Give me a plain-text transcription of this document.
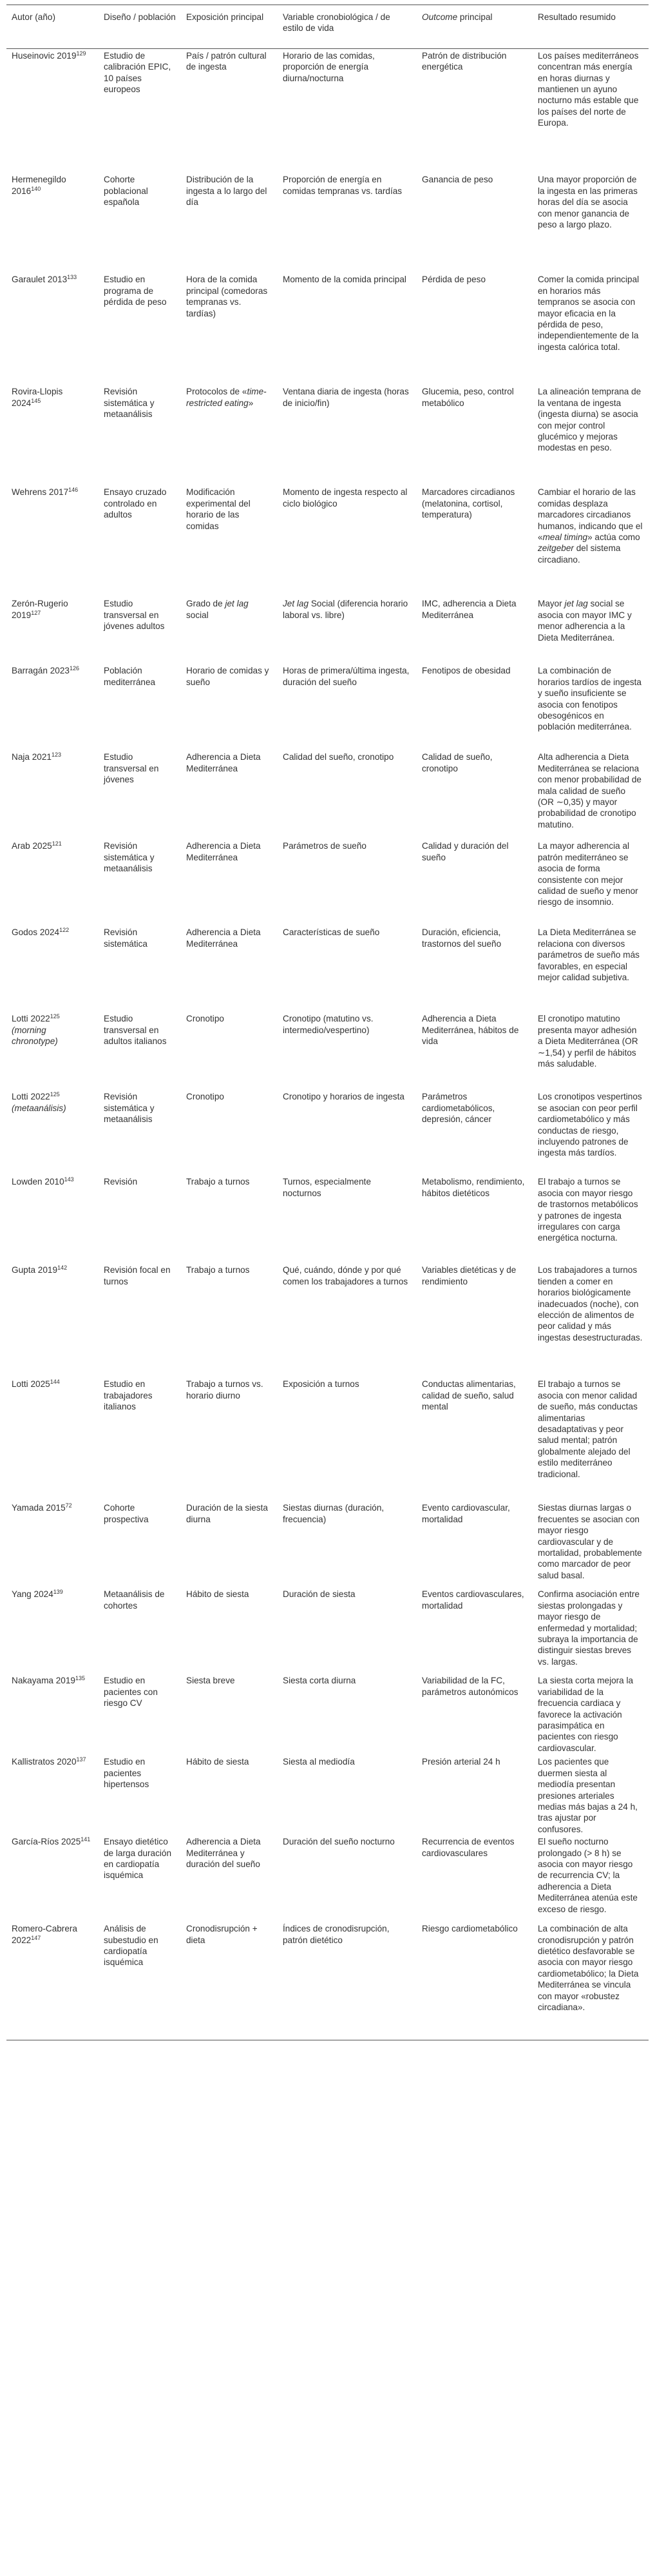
Autor (año)	Diseño / población	Exposición principal	Variable cronobiológica / de estilo de vida	Outcome principal	Resultado resumido
Huseinovic 2019$^{129}$	Estudio de calibración EPIC, 10 países europeos	País / patrón cultural de ingesta	Horario de las comidas, proporción de energía diurna/nocturna	Patrón de distribución energética	Los países mediterráneos concentran más energía en horas diurnas y mantienen un ayuno nocturno más estable que los países del norte de Europa.
Hermenegildo 2016$^{140}$	Cohorte poblacional española	Distribución de la ingesta a lo largo del día	Proporción de energía en comidas tempranas vs. tardías	Ganancia de peso	Una mayor proporción de la ingesta en las primeras horas del día se asocia con menor ganancia de peso a largo plazo.
Garaulet 2013$^{133}$	Estudio en programa de pérdida de peso	Hora de la comida principal (comedoras tempranas vs. tardías)	Momento de la comida principal	Pérdida de peso	Comer la comida principal en horarios más tempranos se asocia con mayor eficacia en la pérdida de peso, independientemente de la ingesta calórica total.
Rovira-Llopis 2024$^{145}$	Revisión sistemática y metaanálisis	Protocolos de «time-restricted eating»	Ventana diaria de ingesta (horas de inicio/fin)	Glucemia, peso, control metabólico	La alineación temprana de la ventana de ingesta (ingesta diurna) se asocia con mejor control glucémico y mejoras modestas en peso.
Wehrens 2017$^{146}$	Ensayo cruzado controlado en adultos	Modificación experimental del horario de las comidas	Momento de ingesta respecto al ciclo biológico	Marcadores circadianos (melatonina, cortisol, temperatura)	Cambiar el horario de las comidas desplaza marcadores circadianos humanos, indicando que el «meal timing» actúa como zeitgeber del sistema circadiano.
Zerón-Rugerio 2019$^{127}$	Estudio transversal en jóvenes adultos	Grado de jet lag social	Jet lag Social (diferencia horario laboral vs. libre)	IMC, adherencia a Dieta Mediterránea	Mayor jet lag social se asocia con mayor IMC y menor adherencia a la Dieta Mediterránea.
Barragán 2023$^{126}$	Población mediterránea	Horario de comidas y sueño	Horas de primera/última ingesta, duración del sueño	Fenotipos de obesidad	La combinación de horarios tardíos de ingesta y sueño insuficiente se asocia con fenotipos obesogénicos en población mediterránea.
Naja 2021$^{123}$	Estudio transversal en jóvenes	Adherencia a Dieta Mediterránea	Calidad del sueño, cronotipo	Calidad de sueño, cronotipo	Alta adherencia a Dieta Mediterránea se relaciona con menor probabilidad de mala calidad de sueño (OR ∼0,35) y mayor probabilidad de cronotipo matutino.
Arab 2025$^{121}$	Revisión sistemática y metaanálisis	Adherencia a Dieta Mediterránea	Parámetros de sueño	Calidad y duración del sueño	La mayor adherencia al patrón mediterráneo se asocia de forma consistente con mejor calidad de sueño y menor riesgo de insomnio.
Godos 2024$^{122}$	Revisión sistemática	Adherencia a Dieta Mediterránea	Características de sueño	Duración, eficiencia, trastornos del sueño	La Dieta Mediterránea se relaciona con diversos parámetros de sueño más favorables, en especial mejor calidad subjetiva.
Lotti 2022$^{125}$ (morning chronotype)	Estudio transversal en adultos italianos	Cronotipo	Cronotipo (matutino vs. intermedio/vespertino)	Adherencia a Dieta Mediterránea, hábitos de vida	El cronotipo matutino presenta mayor adhesión a Dieta Mediterránea (OR ∼1,54) y perfil de hábitos más saludable.
Lotti 2022$^{125}$ (metaanálisis)	Revisión sistemática y metaanálisis	Cronotipo	Cronotipo y horarios de ingesta	Parámetros cardiometabólicos, depresión, cáncer	Los cronotipos vespertinos se asocian con peor perfil cardiometabólico y más conductas de riesgo, incluyendo patrones de ingesta más tardíos.
Lowden 2010$^{143}$	Revisión	Trabajo a turnos	Turnos, especialmente nocturnos	Metabolismo, rendimiento, hábitos dietéticos	El trabajo a turnos se asocia con mayor riesgo de trastornos metabólicos y patrones de ingesta irregulares con carga energética nocturna.
Gupta 2019$^{142}$	Revisión focal en turnos	Trabajo a turnos	Qué, cuándo, dónde y por qué comen los trabajadores a turnos	Variables dietéticas y de rendimiento	Los trabajadores a turnos tienden a comer en horarios biológicamente inadecuados (noche), con elección de alimentos de peor calidad y más ingestas desestructuradas.
Lotti 2025$^{144}$	Estudio en trabajadores italianos	Trabajo a turnos vs. horario diurno	Exposición a turnos	Conductas alimentarias, calidad de sueño, salud mental	El trabajo a turnos se asocia con menor calidad de sueño, más conductas alimentarias desadaptativas y peor salud mental; patrón globalmente alejado del estilo mediterráneo tradicional.
Yamada 2015$^{72}$	Cohorte prospectiva	Duración de la siesta diurna	Siestas diurnas (duración, frecuencia)	Evento cardiovascular, mortalidad	Siestas diurnas largas o frecuentes se asocian con mayor riesgo cardiovascular y de mortalidad, probablemente como marcador de peor salud basal.
Yang 2024$^{139}$	Metaanálisis de cohortes	Hábito de siesta	Duración de siesta	Eventos cardiovasculares, mortalidad	Confirma asociación entre siestas prolongadas y mayor riesgo de enfermedad y mortalidad; subraya la importancia de distinguir siestas breves vs. largas.
Nakayama 2019$^{135}$	Estudio en pacientes con riesgo CV	Siesta breve	Siesta corta diurna	Variabilidad de la FC, parámetros autonómicos	La siesta corta mejora la variabilidad de la frecuencia cardiaca y favorece la activación parasimpática en pacientes con riesgo cardiovascular.
Kallistratos 2020$^{137}$	Estudio en pacientes hipertensos	Hábito de siesta	Siesta al mediodía	Presión arterial 24 h	Los pacientes que duermen siesta al mediodía presentan presiones arteriales medias más bajas a 24 h, tras ajustar por confusores.
García-Ríos 2025$^{141}$	Ensayo dietético de larga duración en cardiopatía isquémica	Adherencia a Dieta Mediterránea y duración del sueño	Duración del sueño nocturno	Recurrencia de eventos cardiovasculares	El sueño nocturno prolongado (> 8 h) se asocia con mayor riesgo de recurrencia CV; la adherencia a Dieta Mediterránea atenúa este exceso de riesgo.
Romero-Cabrera 2022$^{147}$	Análisis de subestudio en cardiopatía isquémica	Cronodisrupción + dieta	Índices de cronodisrupción, patrón dietético	Riesgo cardiometabólico	La combinación de alta cronodisrupción y patrón dietético desfavorable se asocia con mayor riesgo cardiometabólico; la Dieta Mediterránea se vincula con mayor «robustez circadiana».
